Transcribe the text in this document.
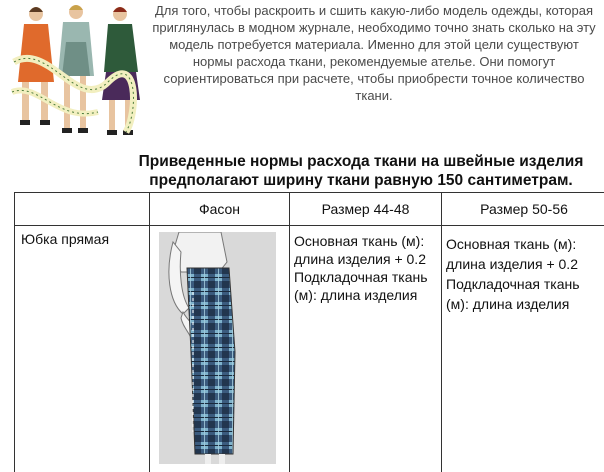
Для того, чтобы раскроить и сшить какую-либо модель одежды, которая приглянулась в модном журнале, необходимо точно знать сколько на эту модель потребуется материала. Именно для этой цели существуют нормы расхода ткани, рекомендуемые ателье. Они помогут сориентироваться при расчете, чтобы приобрести точное количество ткани.
Приведенные нормы расхода ткани на швейные изделия предполагают ширину ткани равную 150 сантиметрам.
	Фасон	Размер 44-48	Размер 50-56

Юбка прямая		Основная ткань (м): длина изделия + 0.2 Подкладочная ткань (м): длина изделия	Основная ткань (м): длина изделия + 0.2 Подкладочная ткань (м): длина изделия
